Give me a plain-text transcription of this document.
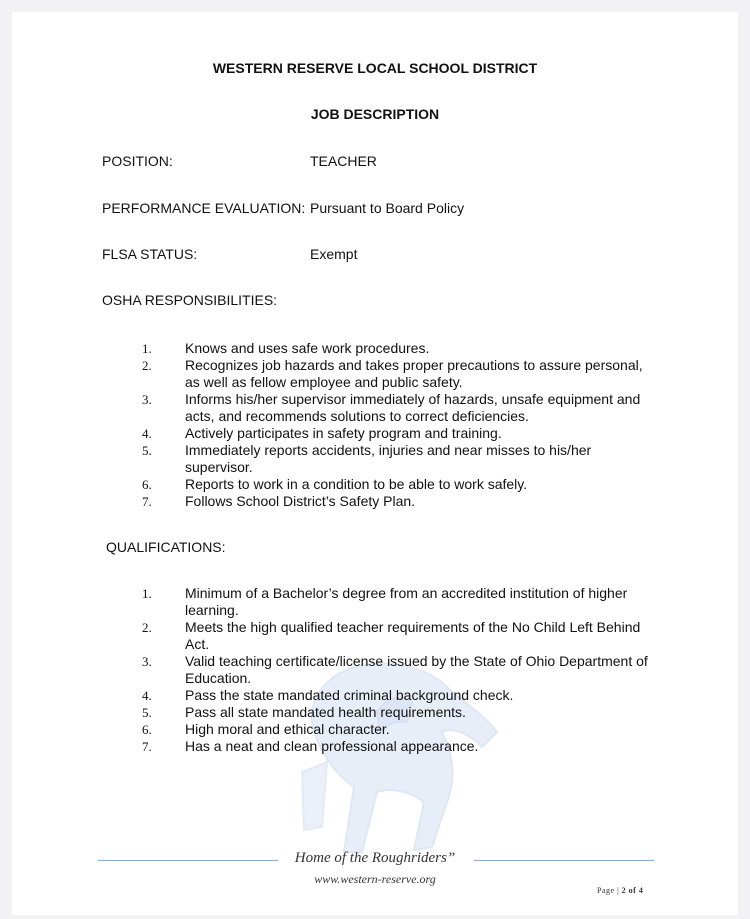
WESTERN RESERVE LOCAL SCHOOL DISTRICT
JOB DESCRIPTION
POSITION:	TEACHER
PERFORMANCE EVALUATION: Pursuant to Board Policy
FLSA STATUS:	Exempt
OSHA RESPONSIBILITIES:
1. Knows and uses safe work procedures.
2. Recognizes job hazards and takes proper precautions to assure personal, as well as fellow employee and public safety.
3. Informs his/her supervisor immediately of hazards, unsafe equipment and acts, and recommends solutions to correct deficiencies.
4. Actively participates in safety program and training.
5. Immediately reports accidents, injuries and near misses to his/her supervisor.
6. Reports to work in a condition to be able to work safely.
7. Follows School District’s Safety Plan.
QUALIFICATIONS:
1. Minimum of a Bachelor’s degree from an accredited institution of higher learning.
2. Meets the high qualified teacher requirements of the No Child Left Behind Act.
3. Valid teaching certificate/license issued by the State of Ohio Department of Education.
4. Pass the state mandated criminal background check.
5. Pass all state mandated health requirements.
6. High moral and ethical character.
7. Has a neat and clean professional appearance.
Home of the Roughriders”
www.western-reserve.org
Page | 2 of 4
